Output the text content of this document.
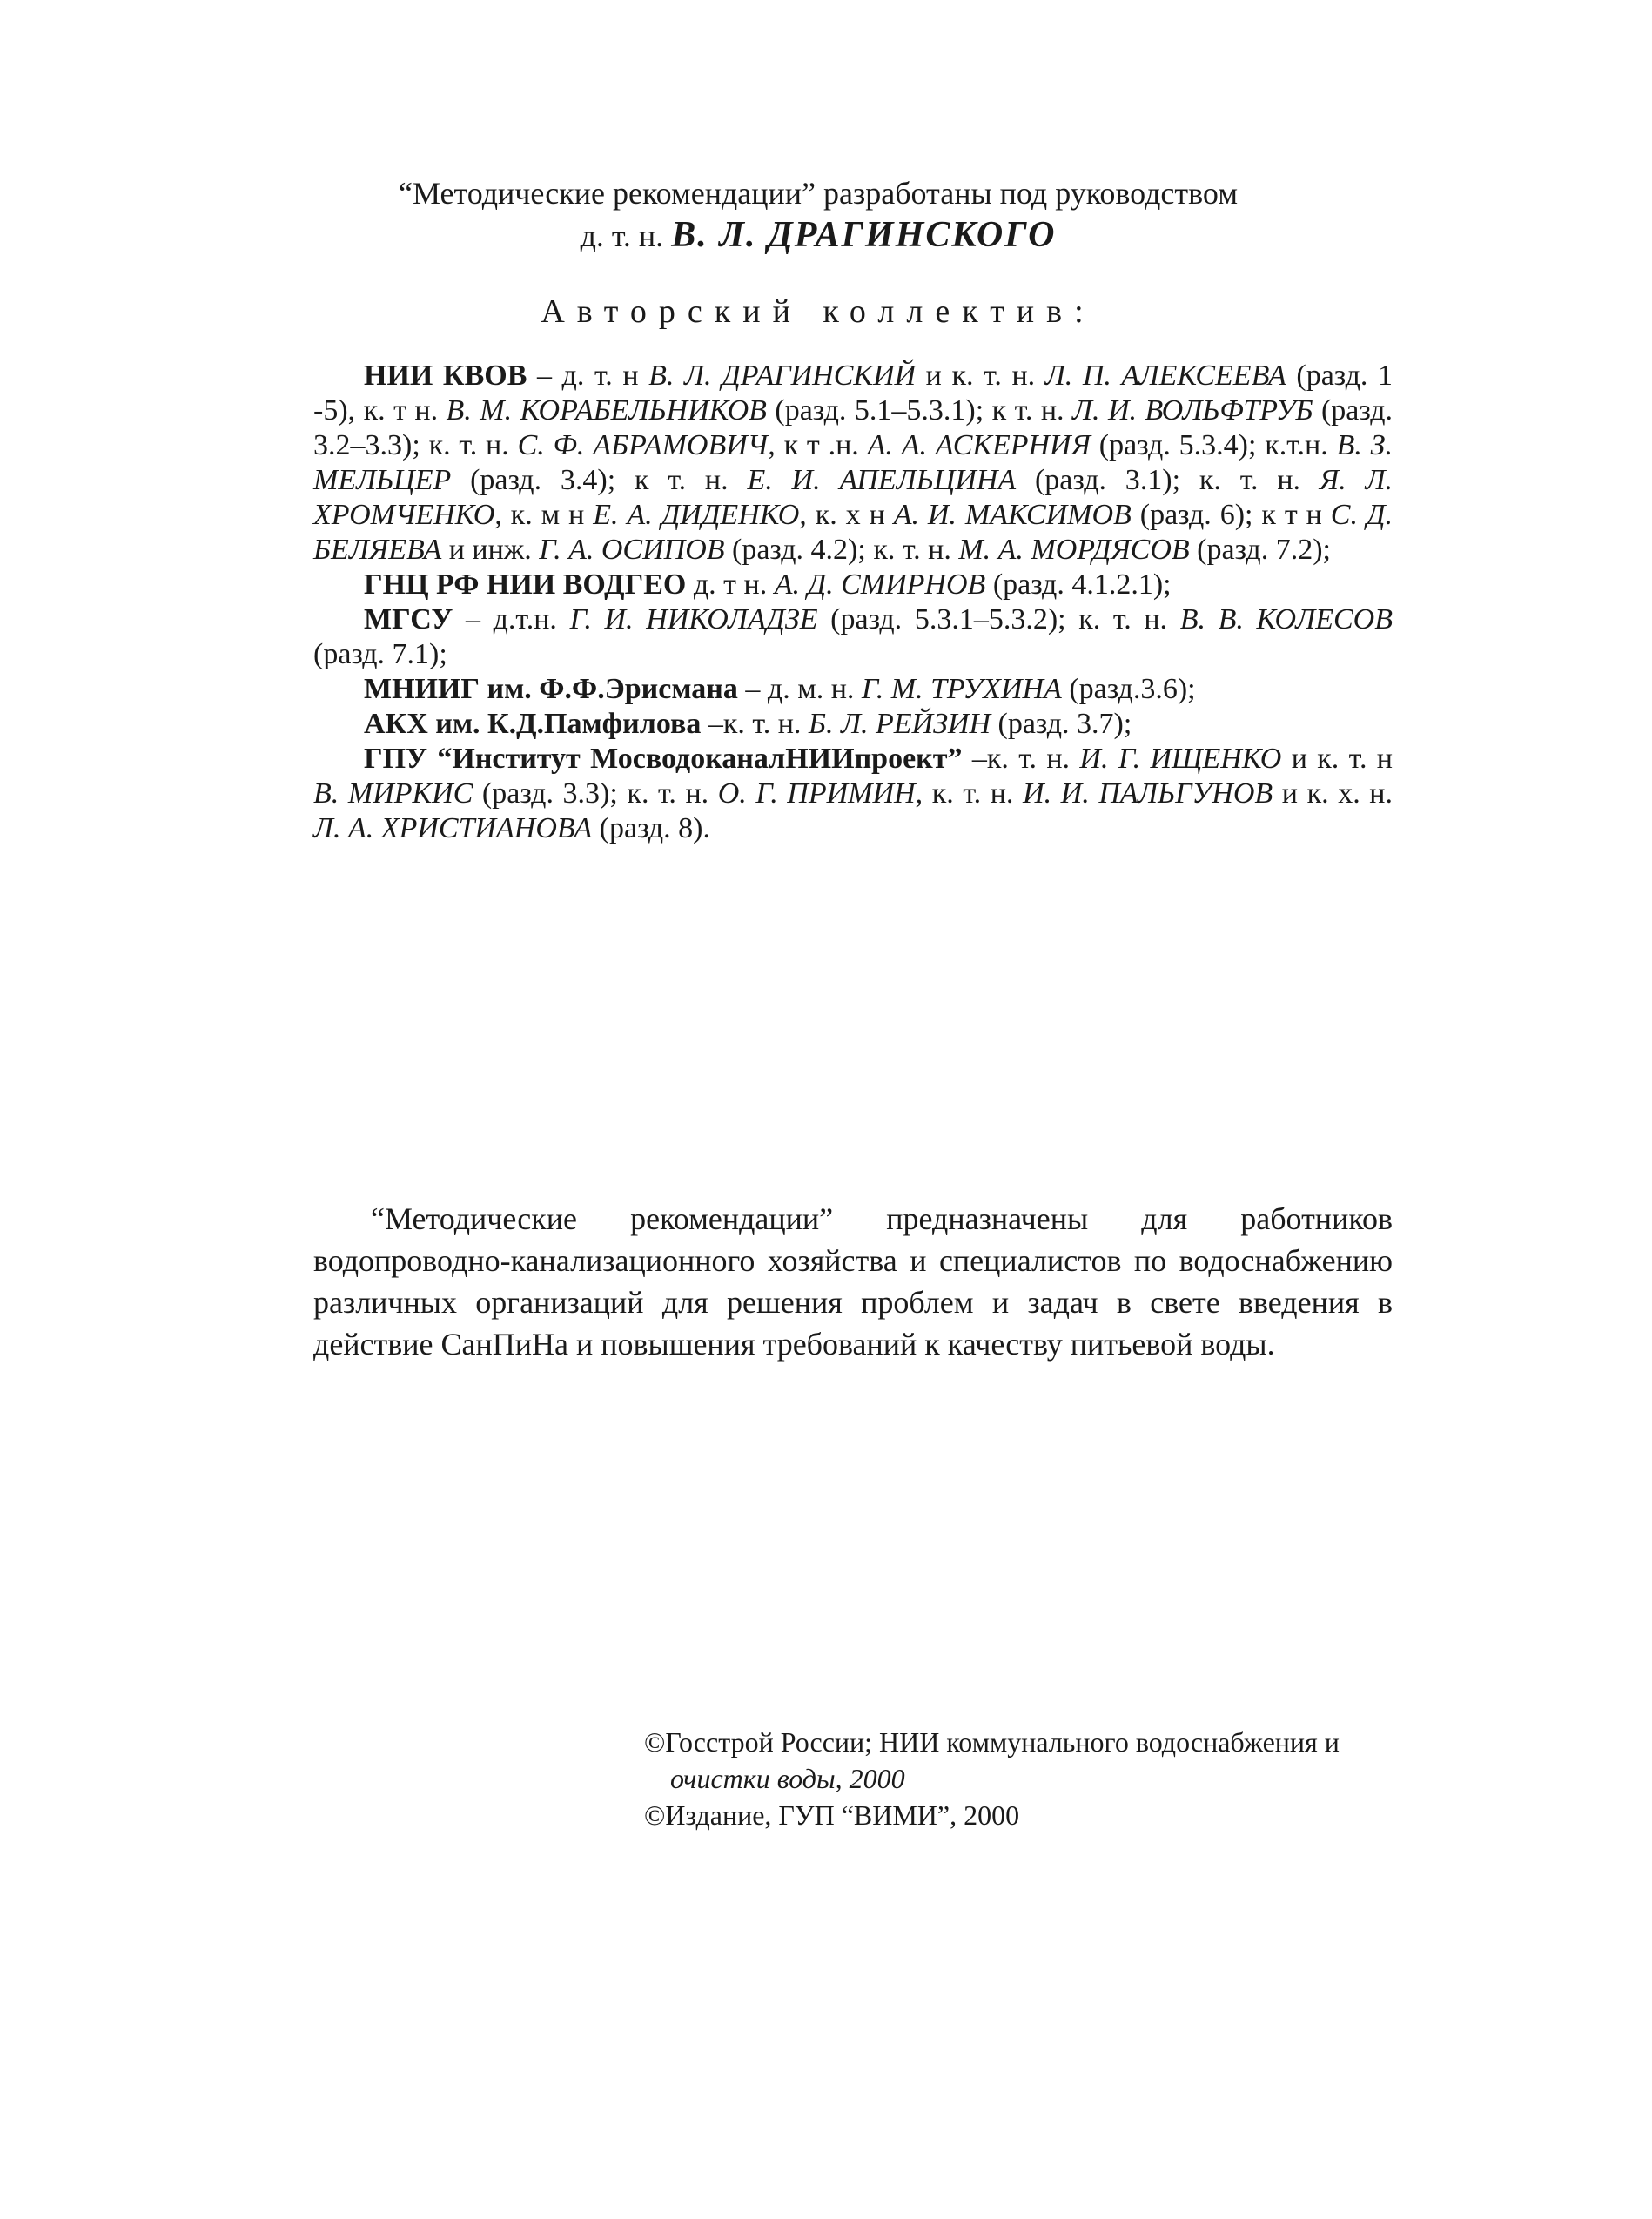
“Методические рекомендации” разработаны под руководством
д. т. н. В. Л. ДРАГИНСКОГО
Авторский коллектив:

НИИ КВОВ – д. т. н В. Л. ДРАГИНСКИЙ и к. т. н. Л. П. АЛЕКСЕЕВА (разд. 1 -5), к. т н. В. М. КОРАБЕЛЬНИКОВ (разд. 5.1–5.3.1); к т. н. Л. И. ВОЛЬФТРУБ (разд. 3.2–3.3); к. т. н. С. Ф. АБРАМОВИЧ, к т .н. А. А. АСКЕРНИЯ (разд. 5.3.4); к.т.н. В. З. МЕЛЬЦЕР (разд. 3.4); к т. н. Е. И. АПЕЛЬЦИНА (разд. 3.1); к. т. н. Я. Л. ХРОМЧЕНКО, к. м н Е. А. ДИДЕНКО, к. х н А. И. МАКСИМОВ (разд. 6); к т н С. Д. БЕЛЯЕВА и инж. Г. А. ОСИПОВ (разд. 4.2); к. т. н. М. А. МОРДЯСОВ (разд. 7.2);

ГНЦ РФ НИИ ВОДГЕО д. т н. А. Д. СМИРНОВ (разд. 4.1.2.1);

МГСУ – д.т.н. Г. И. НИКОЛАДЗЕ (разд. 5.3.1–5.3.2); к. т. н. В. В. КОЛЕСОВ (разд. 7.1);

МНИИГ им. Ф.Ф.Эрисмана – д. м. н. Г. М. ТРУХИНА (разд.3.6);

АКХ им. К.Д.Памфилова –к. т. н. Б. Л. РЕЙЗИН (разд. 3.7);

ГПУ “Институт МосводоканалНИИпроект” –к. т. н. И. Г. ИЩЕНКО и к. т. н В. МИРКИС (разд. 3.3); к. т. н. О. Г. ПРИМИН, к. т. н. И. И. ПАЛЬГУНОВ и к. х. н. Л. А. ХРИСТИАНОВА (разд. 8).

“Методические рекомендации” предназначены для работников водопроводно-канализационного хозяйства и специалистов по водоснабжению различных организаций для решения проблем и задач в свете введения в действие СанПиНа и повышения требований к качеству питьевой воды.

©Госстрой России; НИИ коммунального водоснабжения и
очистки воды, 2000
©Издание, ГУП “ВИМИ”, 2000
